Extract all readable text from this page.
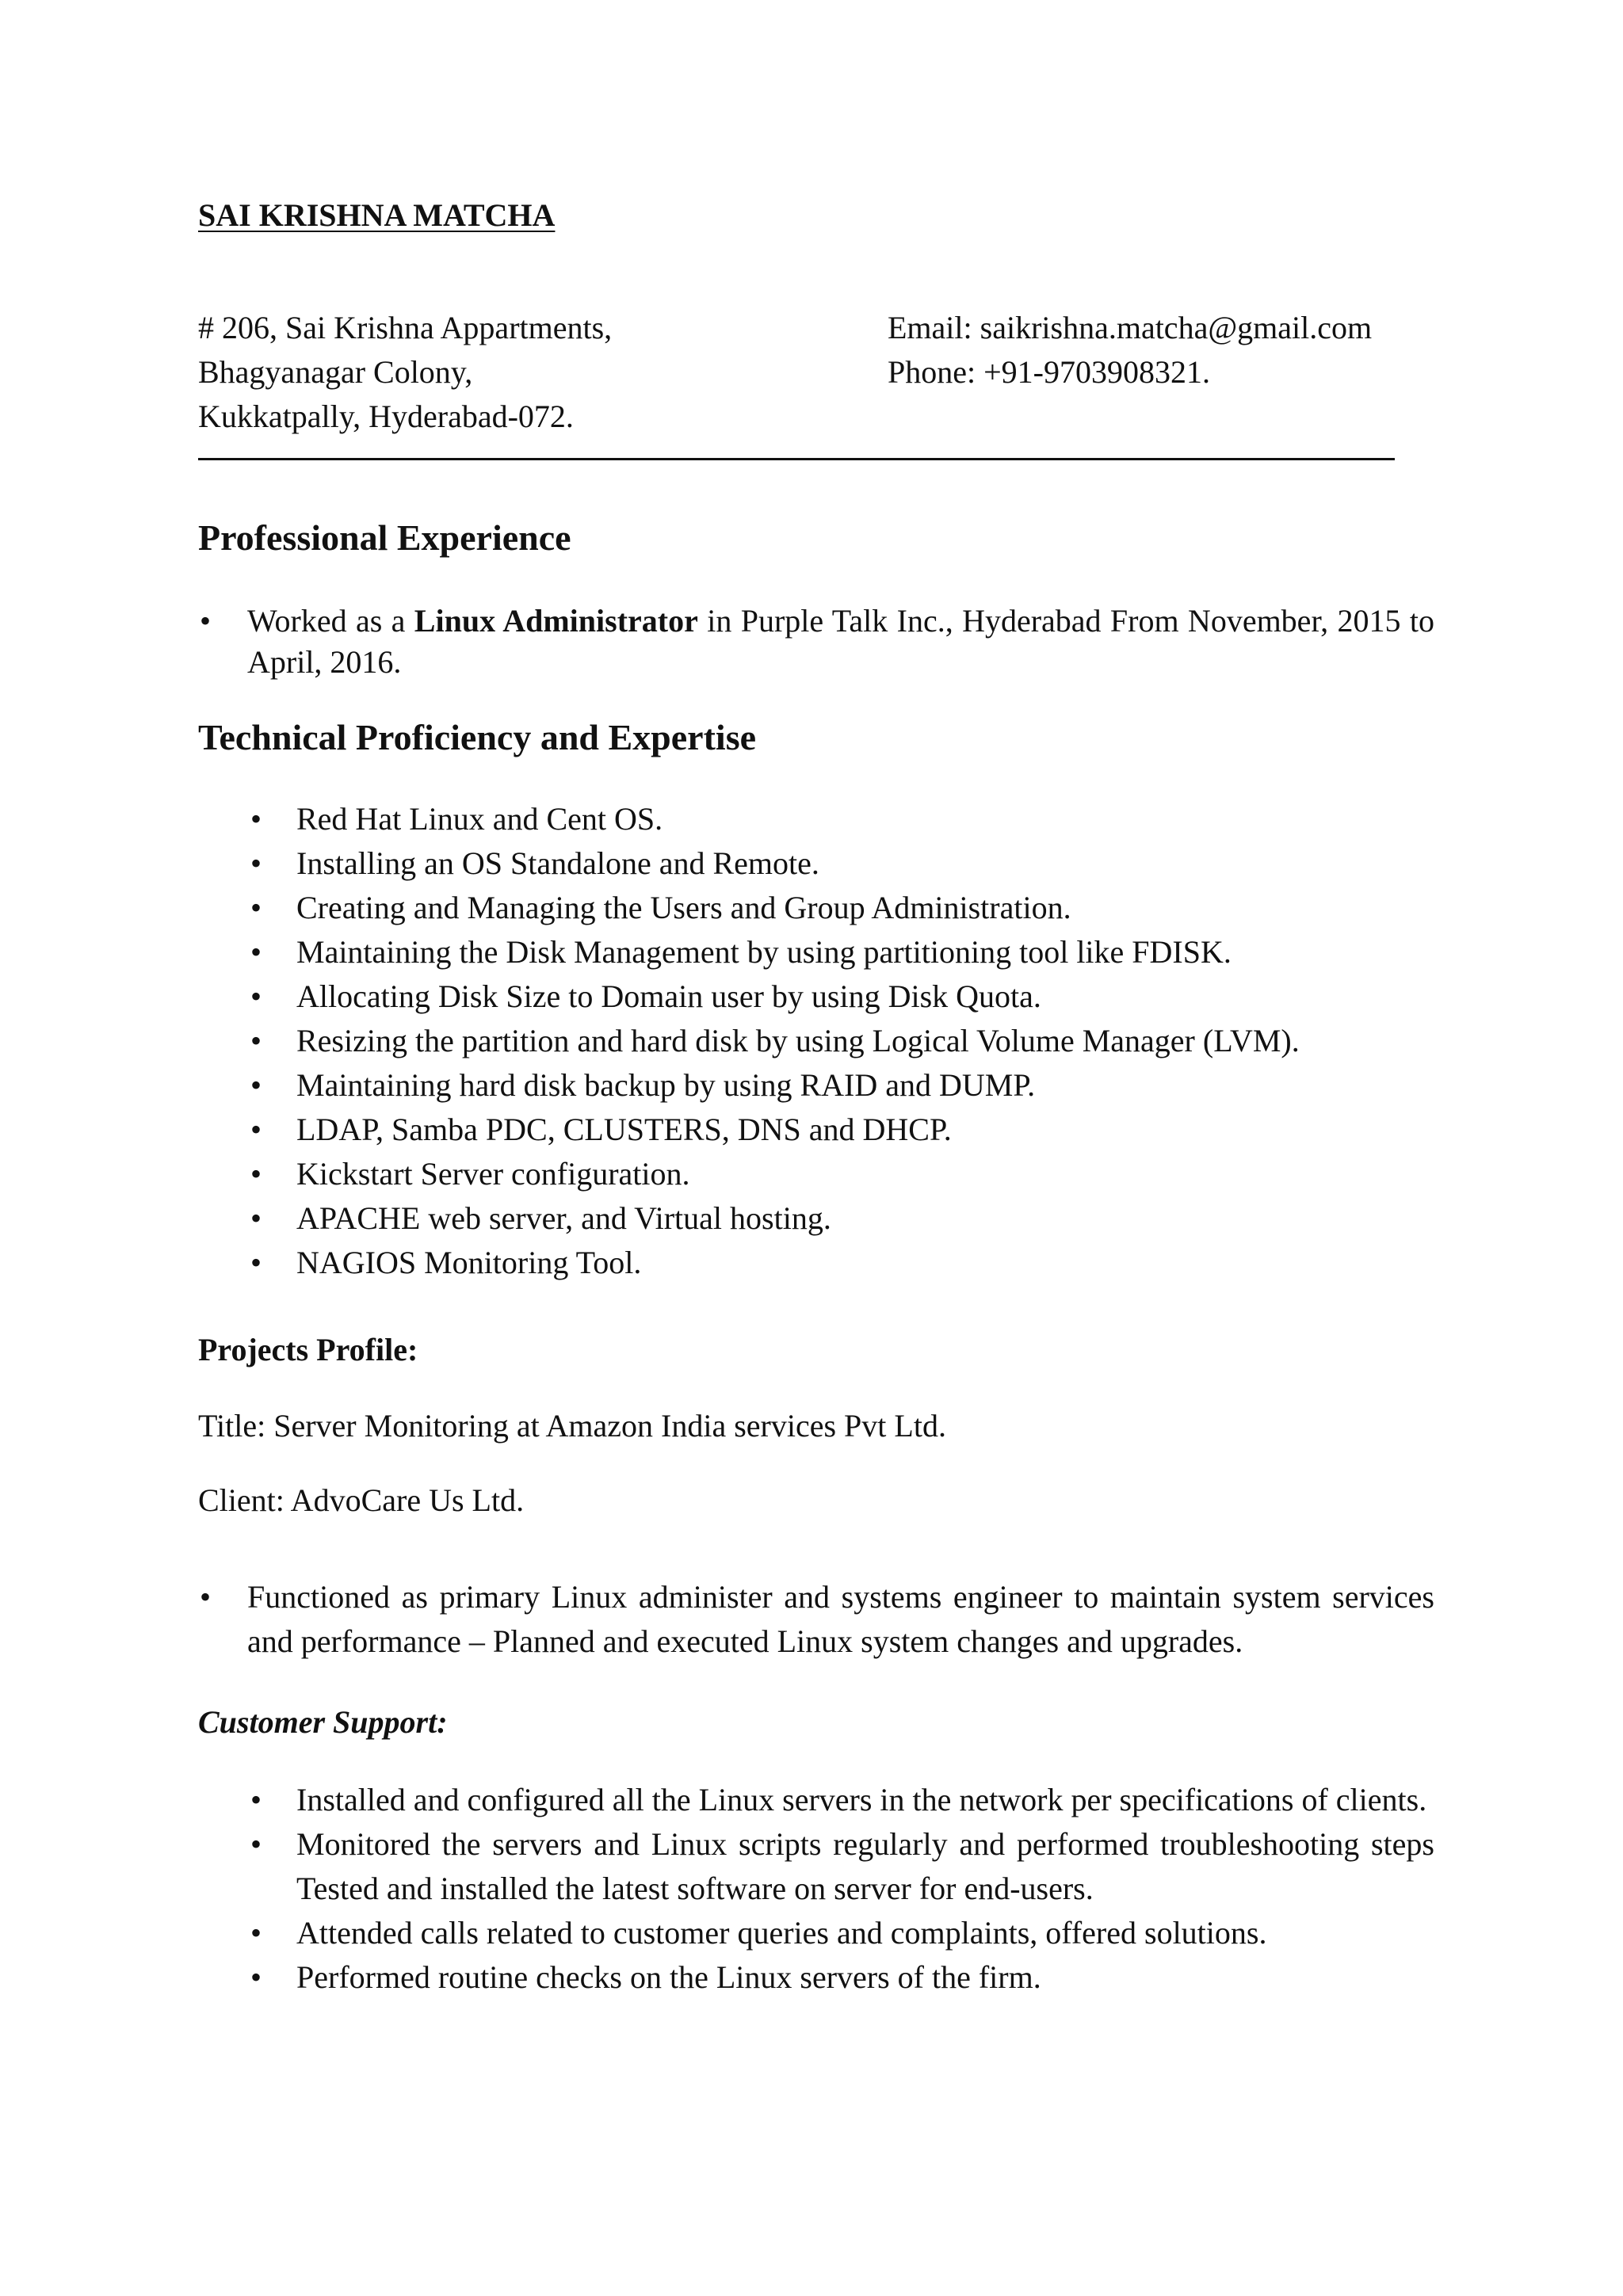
SAI KRISHNA MATCHA
# 206, Sai Krishna Appartments,
Bhagyanagar Colony,
Kukkatpally, Hyderabad-072.
Email: saikrishna.matcha@gmail.com
Phone: +91-9703908321.
Professional Experience
• Worked as a Linux Administrator in Purple Talk Inc., Hyderabad From November, 2015 to April, 2016.
Technical Proficiency and Expertise
• Red Hat Linux and Cent OS.
• Installing an OS Standalone and Remote.
• Creating and Managing the Users and Group Administration.
• Maintaining the Disk Management by using partitioning tool like FDISK.
• Allocating Disk Size to Domain user by using Disk Quota.
• Resizing the partition and hard disk by using Logical Volume Manager (LVM).
• Maintaining hard disk backup by using RAID and DUMP.
• LDAP, Samba PDC, CLUSTERS, DNS and DHCP.
• Kickstart Server configuration.
• APACHE web server, and Virtual hosting.
• NAGIOS Monitoring Tool.
Projects Profile:
Title: Server Monitoring at Amazon India services Pvt Ltd.
Client: AdvoCare Us Ltd.
• Functioned as primary Linux administer and systems engineer to maintain system services and performance – Planned and executed Linux system changes and upgrades.
Customer Support:
• Installed and configured all the Linux servers in the network per specifications of clients.
• Monitored the servers and Linux scripts regularly and performed troubleshooting steps Tested and installed the latest software on server for end-users.
• Attended calls related to customer queries and complaints, offered solutions.
• Performed routine checks on the Linux servers of the firm.
